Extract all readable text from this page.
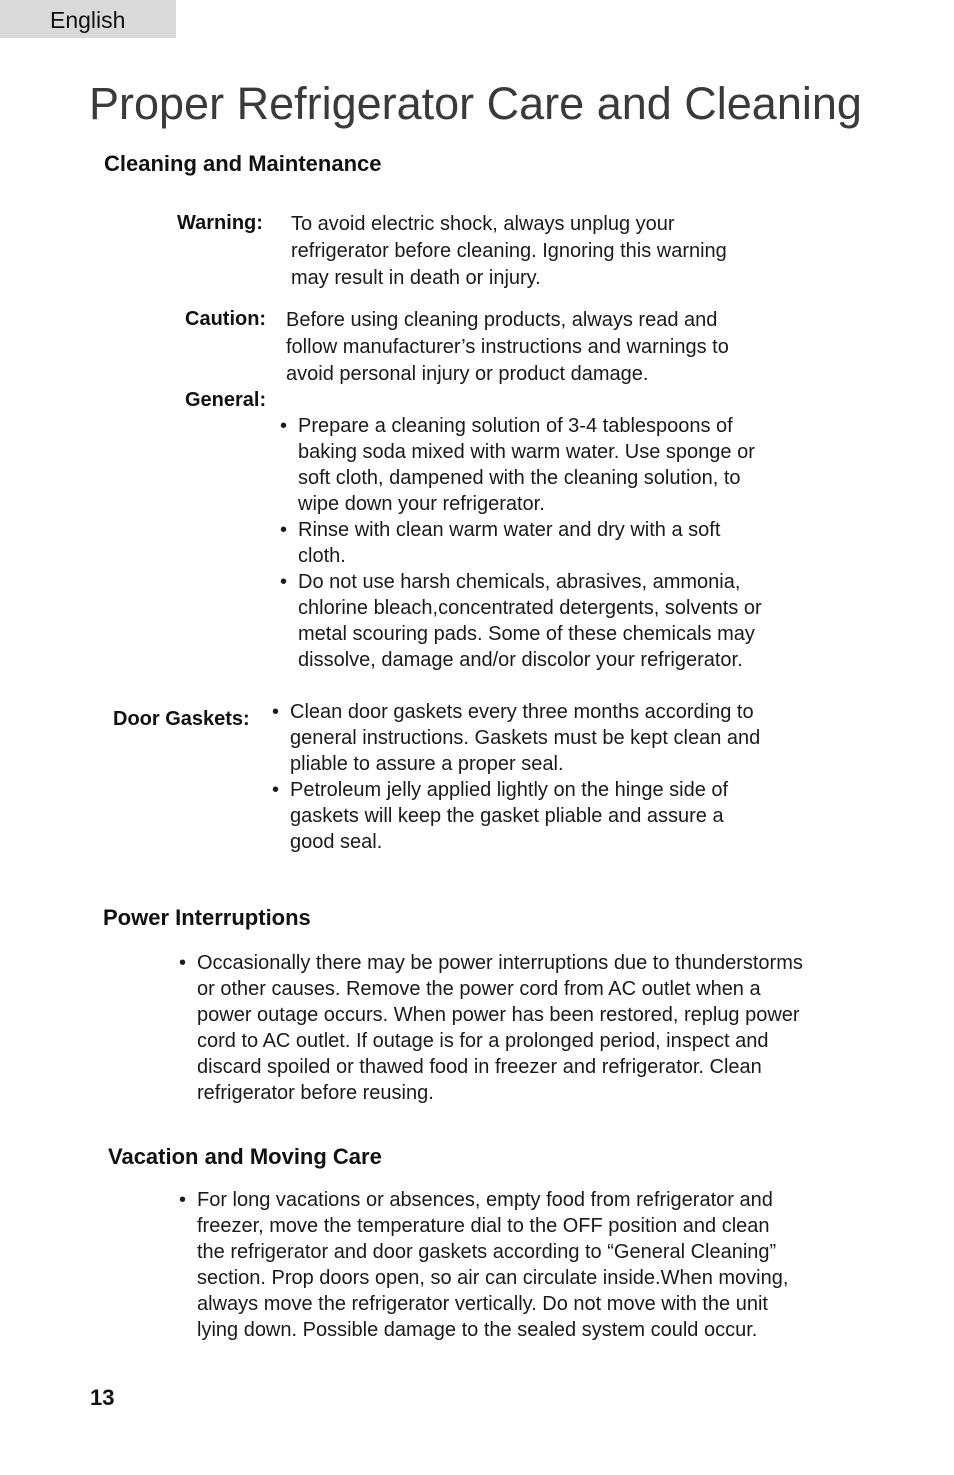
English
Proper Refrigerator Care and Cleaning
Cleaning and Maintenance
Warning: To avoid electric shock, always unplug your
refrigerator before cleaning. Ignoring this warning
may result in death or injury.

Caution: Before using cleaning products, always read and
follow manufacturer’s instructions and warnings to
avoid personal injury or product damage.

General:
• Prepare a cleaning solution of 3-4 tablespoons of
baking soda mixed with warm water. Use sponge or
soft cloth, dampened with the cleaning solution, to
wipe down your refrigerator.
• Rinse with clean warm water and dry with a soft
cloth.
• Do not use harsh chemicals, abrasives, ammonia,
chlorine bleach,concentrated detergents, solvents or
metal scouring pads. Some of these chemicals may
dissolve, damage and/or discolor your refrigerator.
Door Gaskets: • Clean door gaskets every three months according to
general instructions. Gaskets must be kept clean and
pliable to assure a proper seal.
• Petroleum jelly applied lightly on the hinge side of
gaskets will keep the gasket pliable and assure a
good seal.
Power Interruptions
• Occasionally there may be power interruptions due to thunderstorms
or other causes. Remove the power cord from AC outlet when a
power outage occurs. When power has been restored, replug power
cord to AC outlet. If outage is for a prolonged period, inspect and
discard spoiled or thawed food in freezer and refrigerator. Clean
refrigerator before reusing.
Vacation and Moving Care
• For long vacations or absences, empty food from refrigerator and
freezer, move the temperature dial to the OFF position and clean
the refrigerator and door gaskets according to “General Cleaning”
section. Prop doors open, so air can circulate inside.When moving,
always move the refrigerator vertically. Do not move with the unit
lying down. Possible damage to the sealed system could occur.
13
